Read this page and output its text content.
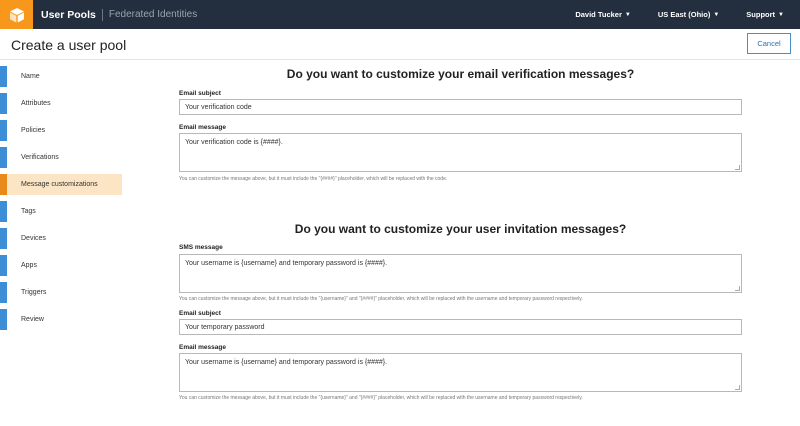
User Pools Federated Identities	David Tucker ▼	US East (Ohio) ▼	Support ▼
Create a user pool	Cancel
Name
Attributes
Policies
Verifications
Message customizations
Tags
Devices
Apps
Triggers
Review
Do you want to customize your email verification messages?
Email subject
Your verification code
Email message
Your verification code is {####}.
You can customize the message above, but it must include the "{####}" placeholder, which will be replaced with the code.
Do you want to customize your user invitation messages?
SMS message
Your username is {username} and temporary password is {####}.
You can customize the message above, but it must include the "{username}" and "{####}" placeholder, which will be replaced with the username and temporary password respectively.
Email subject
Your temporary password
Email message
Your username is {username} and temporary password is {####}.
You can customize the message above, but it must include the "{username}" and "{####}" placeholder, which will be replaced with the username and temporary password respectively.
